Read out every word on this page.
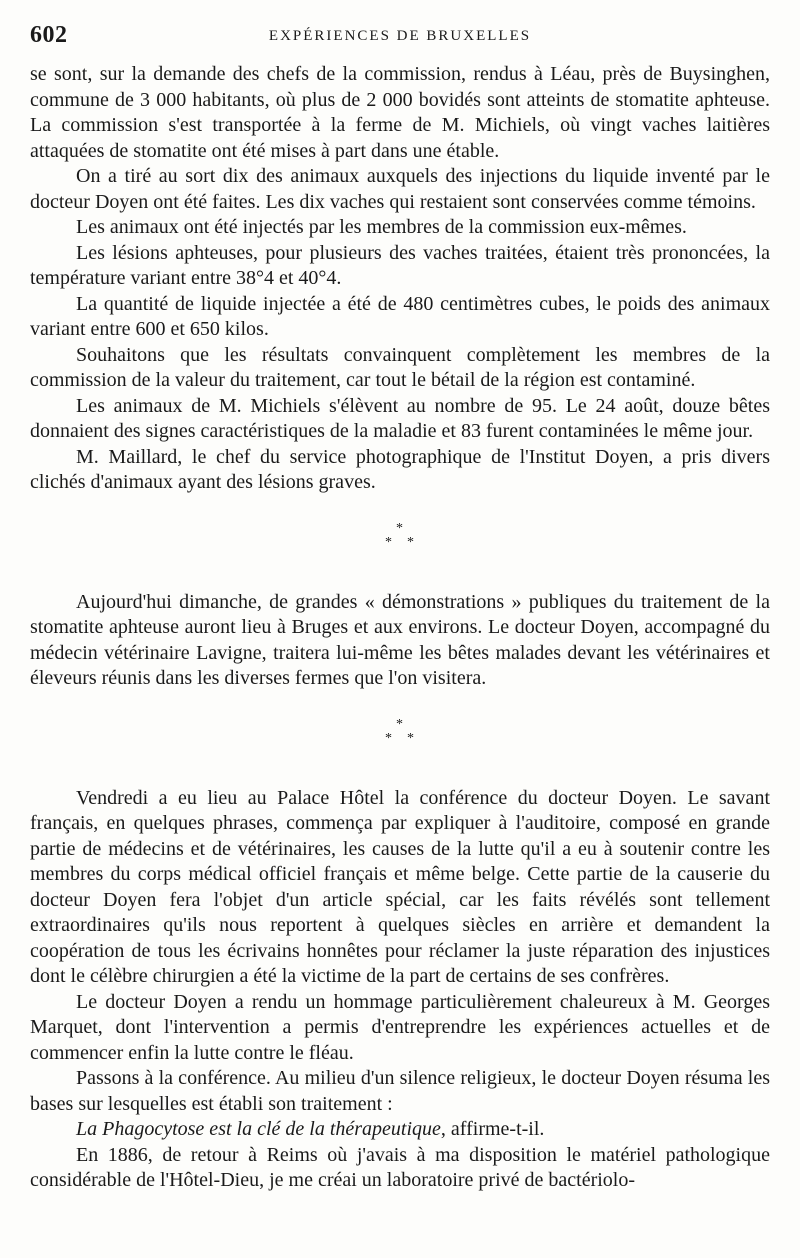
602	EXPÉRIENCES DE BRUXELLES

se sont, sur la demande des chefs de la commission, rendus à Léau, près de Buysinghen, commune de 3 000 habitants, où plus de 2 000 bovidés sont atteints de stomatite aphteuse. La commission s'est transportée à la ferme de M. Michiels, où vingt vaches laitières attaquées de stomatite ont été mises à part dans une étable.

On a tiré au sort dix des animaux auxquels des injections du liquide inventé par le docteur Doyen ont été faites. Les dix vaches qui restaient sont conservées comme témoins.

Les animaux ont été injectés par les membres de la commission eux-mêmes.

Les lésions aphteuses, pour plusieurs des vaches traitées, étaient très prononcées, la température variant entre 38°4 et 40°4.

La quantité de liquide injectée a été de 480 centimètres cubes, le poids des animaux variant entre 600 et 650 kilos.

Souhaitons que les résultats convainquent complètement les membres de la commission de la valeur du traitement, car tout le bétail de la région est contaminé.

Les animaux de M. Michiels s'élèvent au nombre de 95. Le 24 août, douze bêtes donnaient des signes caractéristiques de la maladie et 83 furent contaminées le même jour.

M. Maillard, le chef du service photographique de l'Institut Doyen, a pris divers clichés d'animaux ayant des lésions graves.

*
* *

Aujourd'hui dimanche, de grandes « démonstrations » publiques du traitement de la stomatite aphteuse auront lieu à Bruges et aux environs. Le docteur Doyen, accompagné du médecin vétérinaire Lavigne, traitera lui-même les bêtes malades devant les vétérinaires et éleveurs réunis dans les diverses fermes que l'on visitera.

*
* *

Vendredi a eu lieu au Palace Hôtel la conférence du docteur Doyen. Le savant français, en quelques phrases, commença par expliquer à l'auditoire, composé en grande partie de médecins et de vétérinaires, les causes de la lutte qu'il a eu à soutenir contre les membres du corps médical officiel français et même belge. Cette partie de la causerie du docteur Doyen fera l'objet d'un article spécial, car les faits révélés sont tellement extraordinaires qu'ils nous reportent à quelques siècles en arrière et demandent la coopération de tous les écrivains honnêtes pour réclamer la juste réparation des injustices dont le célèbre chirurgien a été la victime de la part de certains de ses confrères.

Le docteur Doyen a rendu un hommage particulièrement chaleureux à M. Georges Marquet, dont l'intervention a permis d'entreprendre les expériences actuelles et de commencer enfin la lutte contre le fléau.

Passons à la conférence. Au milieu d'un silence religieux, le docteur Doyen résuma les bases sur lesquelles est établi son traitement :

La Phagocytose est la clé de la thérapeutique, affirme-t-il.

En 1886, de retour à Reims où j'avais à ma disposition le matériel pathologique considérable de l'Hôtel-Dieu, je me créai un laboratoire privé de bactériolo-
